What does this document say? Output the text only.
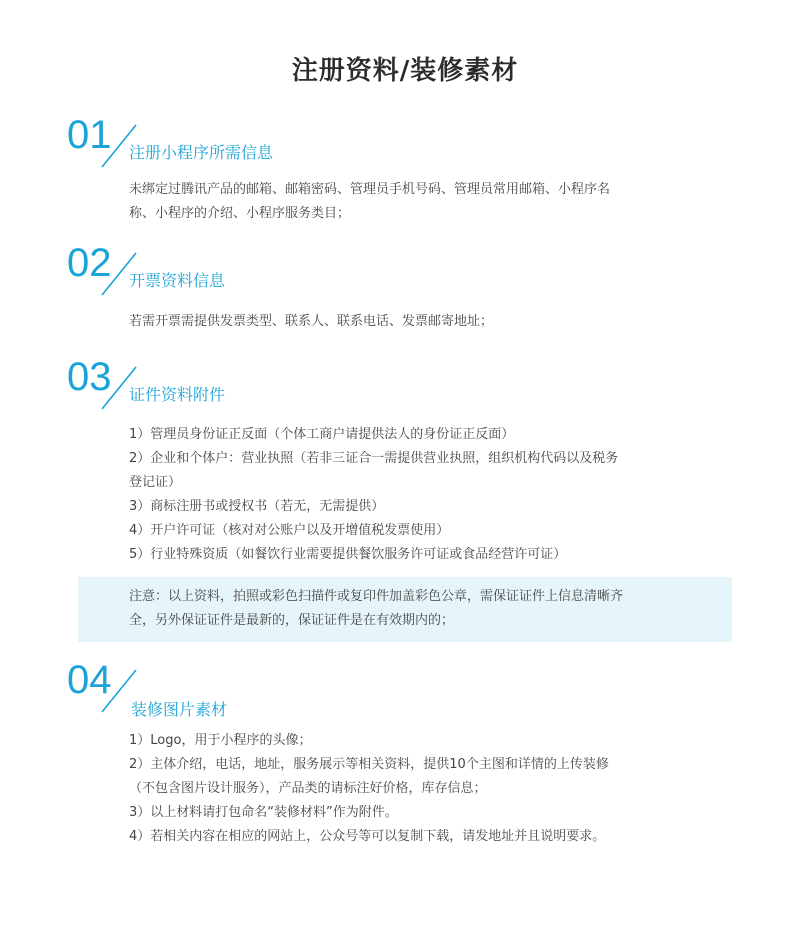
注册资料/装修素材
01 注册小程序所需信息

未绑定过腾讯产品的邮箱、邮箱密码、管理员手机号码、管理员常用邮箱、小程序名

称、小程序的介绍、小程序服务类目；

02 开票资料信息

若需开票需提供发票类型、联系人、联系电话、发票邮寄地址；

03 证件资料附件

1）管理员身份证正反面（个体工商户请提供法人的身份证正反面）

2）企业和个体户：营业执照（若非三证合一需提供营业执照，组织机构代码以及税务

登记证）

3）商标注册书或授权书（若无，无需提供）

4）开户许可证（核对对公账户以及开增值税发票使用）

5）行业特殊资质（如餐饮行业需要提供餐饮服务许可证或食品经营许可证）

注意：以上资料，拍照或彩色扫描件或复印件加盖彩色公章，需保证证件上信息清晰齐

全，另外保证证件是最新的，保证证件是在有效期内的；

04
装修图片素材

1）Logo，用于小程序的头像；

2）主体介绍，电话，地址，服务展示等相关资料，提供10个主图和详情的上传装修

（不包含图片设计服务），产品类的请标注好价格，库存信息；

3）以上材料请打包命名“装修材料”作为附件。

4）若相关内容在相应的网站上，公众号等可以复制下载，请发地址并且说明要求。
